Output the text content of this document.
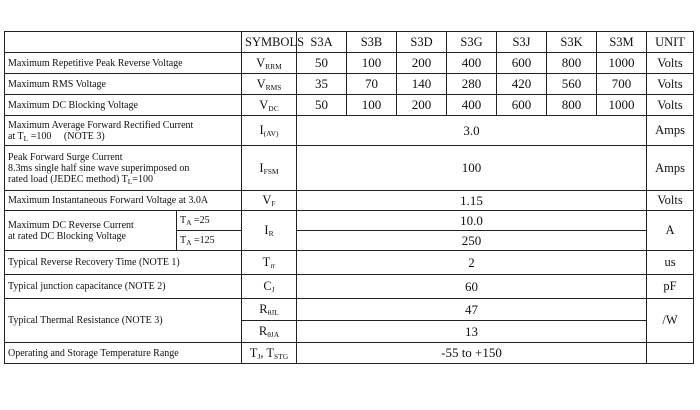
		SYMBOLS	S3A	S3B	S3D	S3G	S3J	S3K	S3M	UNIT
Maximum Repetitive Peak Reverse Voltage		$V_{RRM}$	50	100	200	400	600	800	1000	Volts
Maximum RMS Voltage		$V_{RMS}$	35	70	140	280	420	560	700	Volts
Maximum DC Blocking Voltage		$V_{DC}$	50	100	200	400	600	800	1000	Volts
Maximum Average Forward Rectified Current
at $T_L =100$     (NOTE 3)		$I_{(AV)}$	3.0							Amps
Peak Forward Surge Current
8.3ms single half sine wave superimposed on
rated load (JEDEC method) $T_L=100$		$I_{FSM}$	100							Amps
Maximum Instantaneous Forward Voltage at 3.0A		$V_F$	1.15							Volts
Maximum DC Reverse Current
at rated DC Blocking Voltage	$T_A =25$	$I_R$	10.0							A
	$T_A =125$		250							
Typical Reverse Recovery Time (NOTE 1)		$T_{rr}$	2							us
Typical junction capacitance (NOTE 2)		$C_J$	60							pF
Typical Thermal Resistance (NOTE 3)		$R_{\theta JL}$	47							/W
		$R_{\theta JA}$	13							
Operating and Storage Temperature Range		$T_J$, $T_{STG}$	-55 to +150							
